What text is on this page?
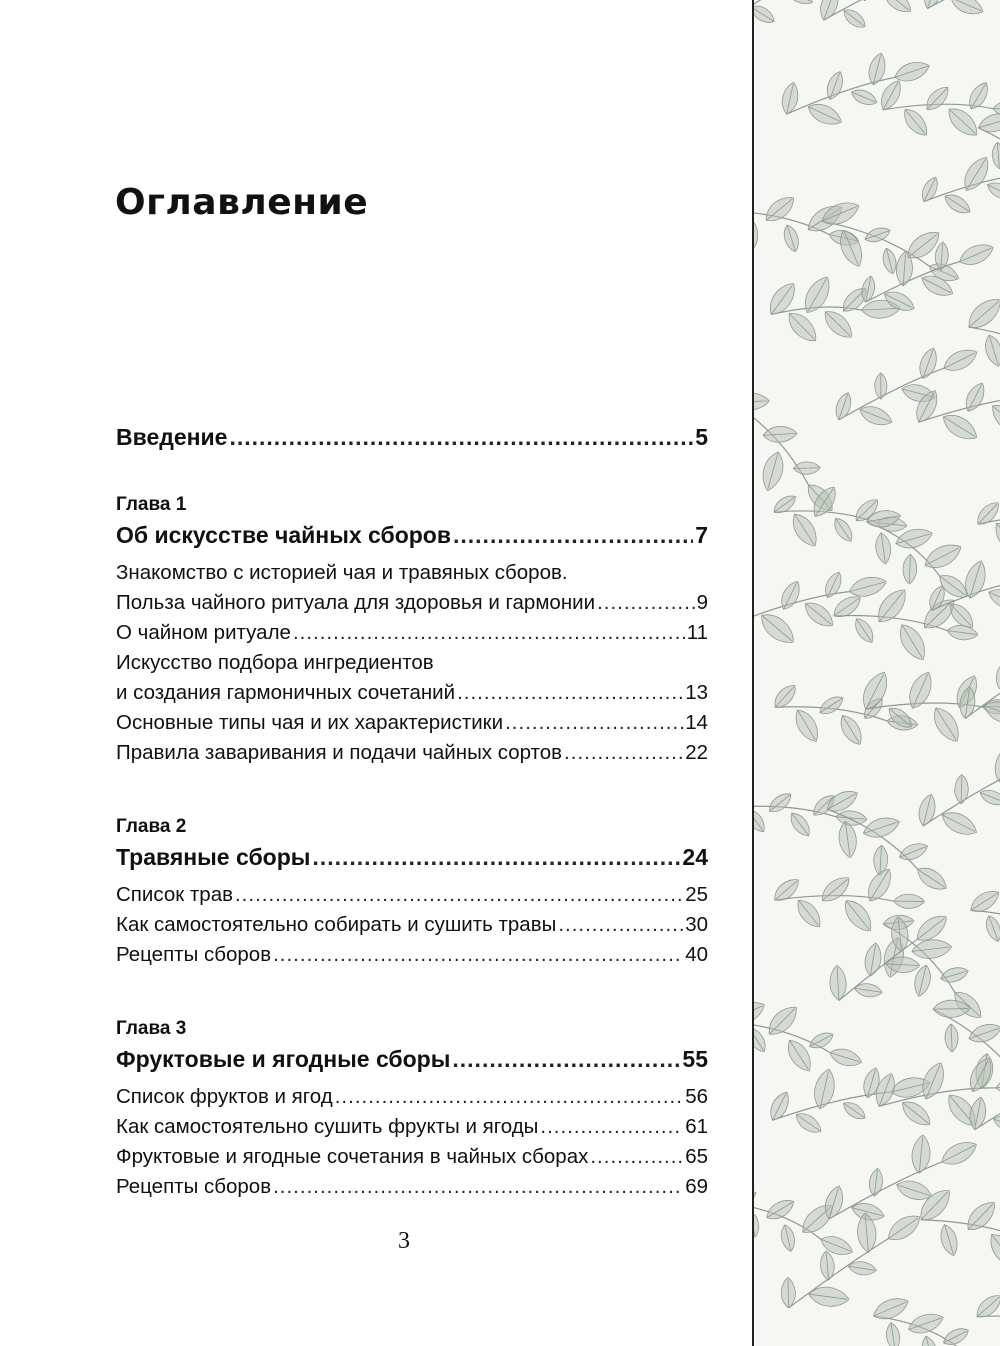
Оглавление
Введение .....	5
Глава 1
Об искусстве чайных сборов .....	7
Знакомство с историей чая и травяных сборов.
Польза чайного ритуала для здоровья и гармонии .....	9
О чайном ритуале .....	11
Искусство подбора ингредиентов
и создания гармоничных сочетаний .....	13
Основные типы чая и их характеристики .....	14
Правила заваривания и подачи чайных сортов .....	22
Глава 2
Травяные сборы .....	24
Список трав .....	25
Как самостоятельно собирать и сушить травы .....	30
Рецепты сборов .....	40
Глава 3
Фруктовые и ягодные сборы .....	55
Список фруктов и ягод .....	56
Как самостоятельно сушить фрукты и ягоды .....	61
Фруктовые и ягодные сочетания в чайных сборах .....	65
Рецепты сборов .....	69
3
